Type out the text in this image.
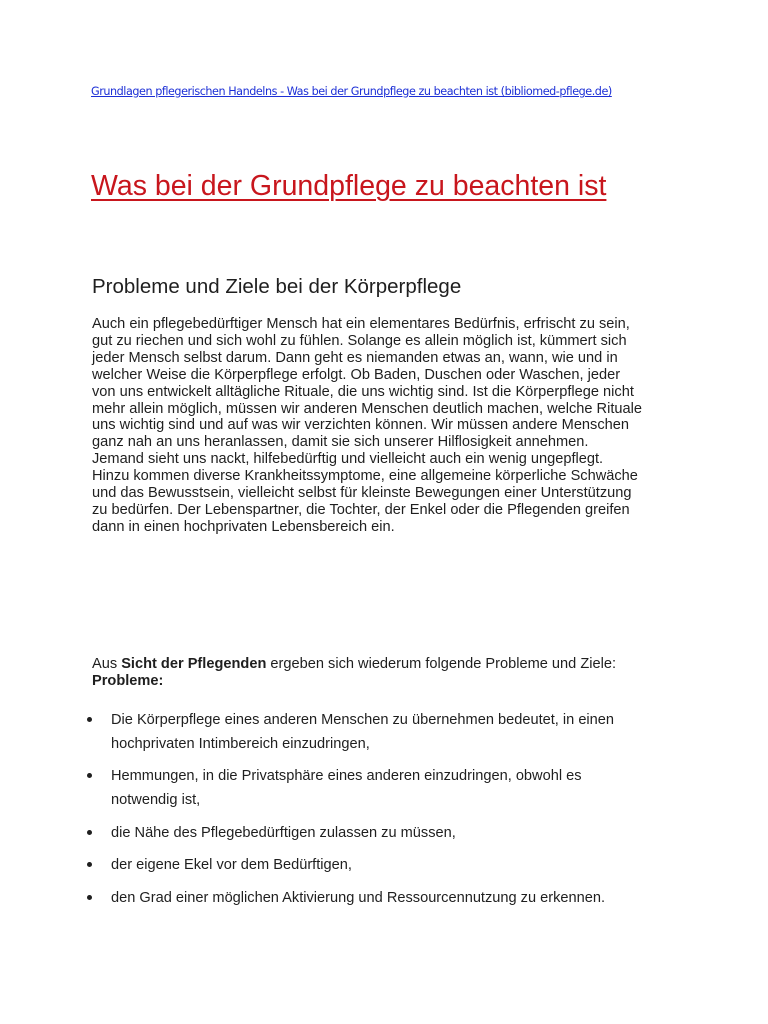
Grundlagen pflegerischen Handelns - Was bei der Grundpflege zu beachten ist (bibliomed-pflege.de)
Was bei der Grundpflege zu beachten ist
Probleme und Ziele bei der Körperpflege

Auch ein pflegebedürftiger Mensch hat ein elementares Bedürfnis, erfrischt zu sein,
gut zu riechen und sich wohl zu fühlen. Solange es allein möglich ist, kümmert sich
jeder Mensch selbst darum. Dann geht es niemanden etwas an, wann, wie und in
welcher Weise die Körperpflege erfolgt. Ob Baden, Duschen oder Waschen, jeder
von uns entwickelt alltägliche Rituale, die uns wichtig sind. Ist die Körperpflege nicht
mehr allein möglich, müssen wir anderen Menschen deutlich machen, welche Rituale
uns wichtig sind und auf was wir verzichten können. Wir müssen andere Menschen
ganz nah an uns heranlassen, damit sie sich unserer Hilflosigkeit annehmen.
Jemand sieht uns nackt, hilfebedürftig und vielleicht auch ein wenig ungepflegt.
Hinzu kommen diverse Krankheitssymptome, eine allgemeine körperliche Schwäche
und das Bewusstsein, vielleicht selbst für kleinste Bewegungen einer Unterstützung
zu bedürfen. Der Lebenspartner, die Tochter, der Enkel oder die Pflegenden greifen
dann in einen hochprivaten Lebensbereich ein.

Aus Sicht der Pflegenden ergeben sich wiederum folgende Probleme und Ziele:

Probleme:

Die Körperpflege eines anderen Menschen zu übernehmen bedeutet, in einen
hochprivaten Intimbereich einzudringen,
Hemmungen, in die Privatsphäre eines anderen einzudringen, obwohl es
notwendig ist,
die Nähe des Pflegebedürftigen zulassen zu müssen,
der eigene Ekel vor dem Bedürftigen,
den Grad einer möglichen Aktivierung und Ressourcennutzung zu erkennen.
